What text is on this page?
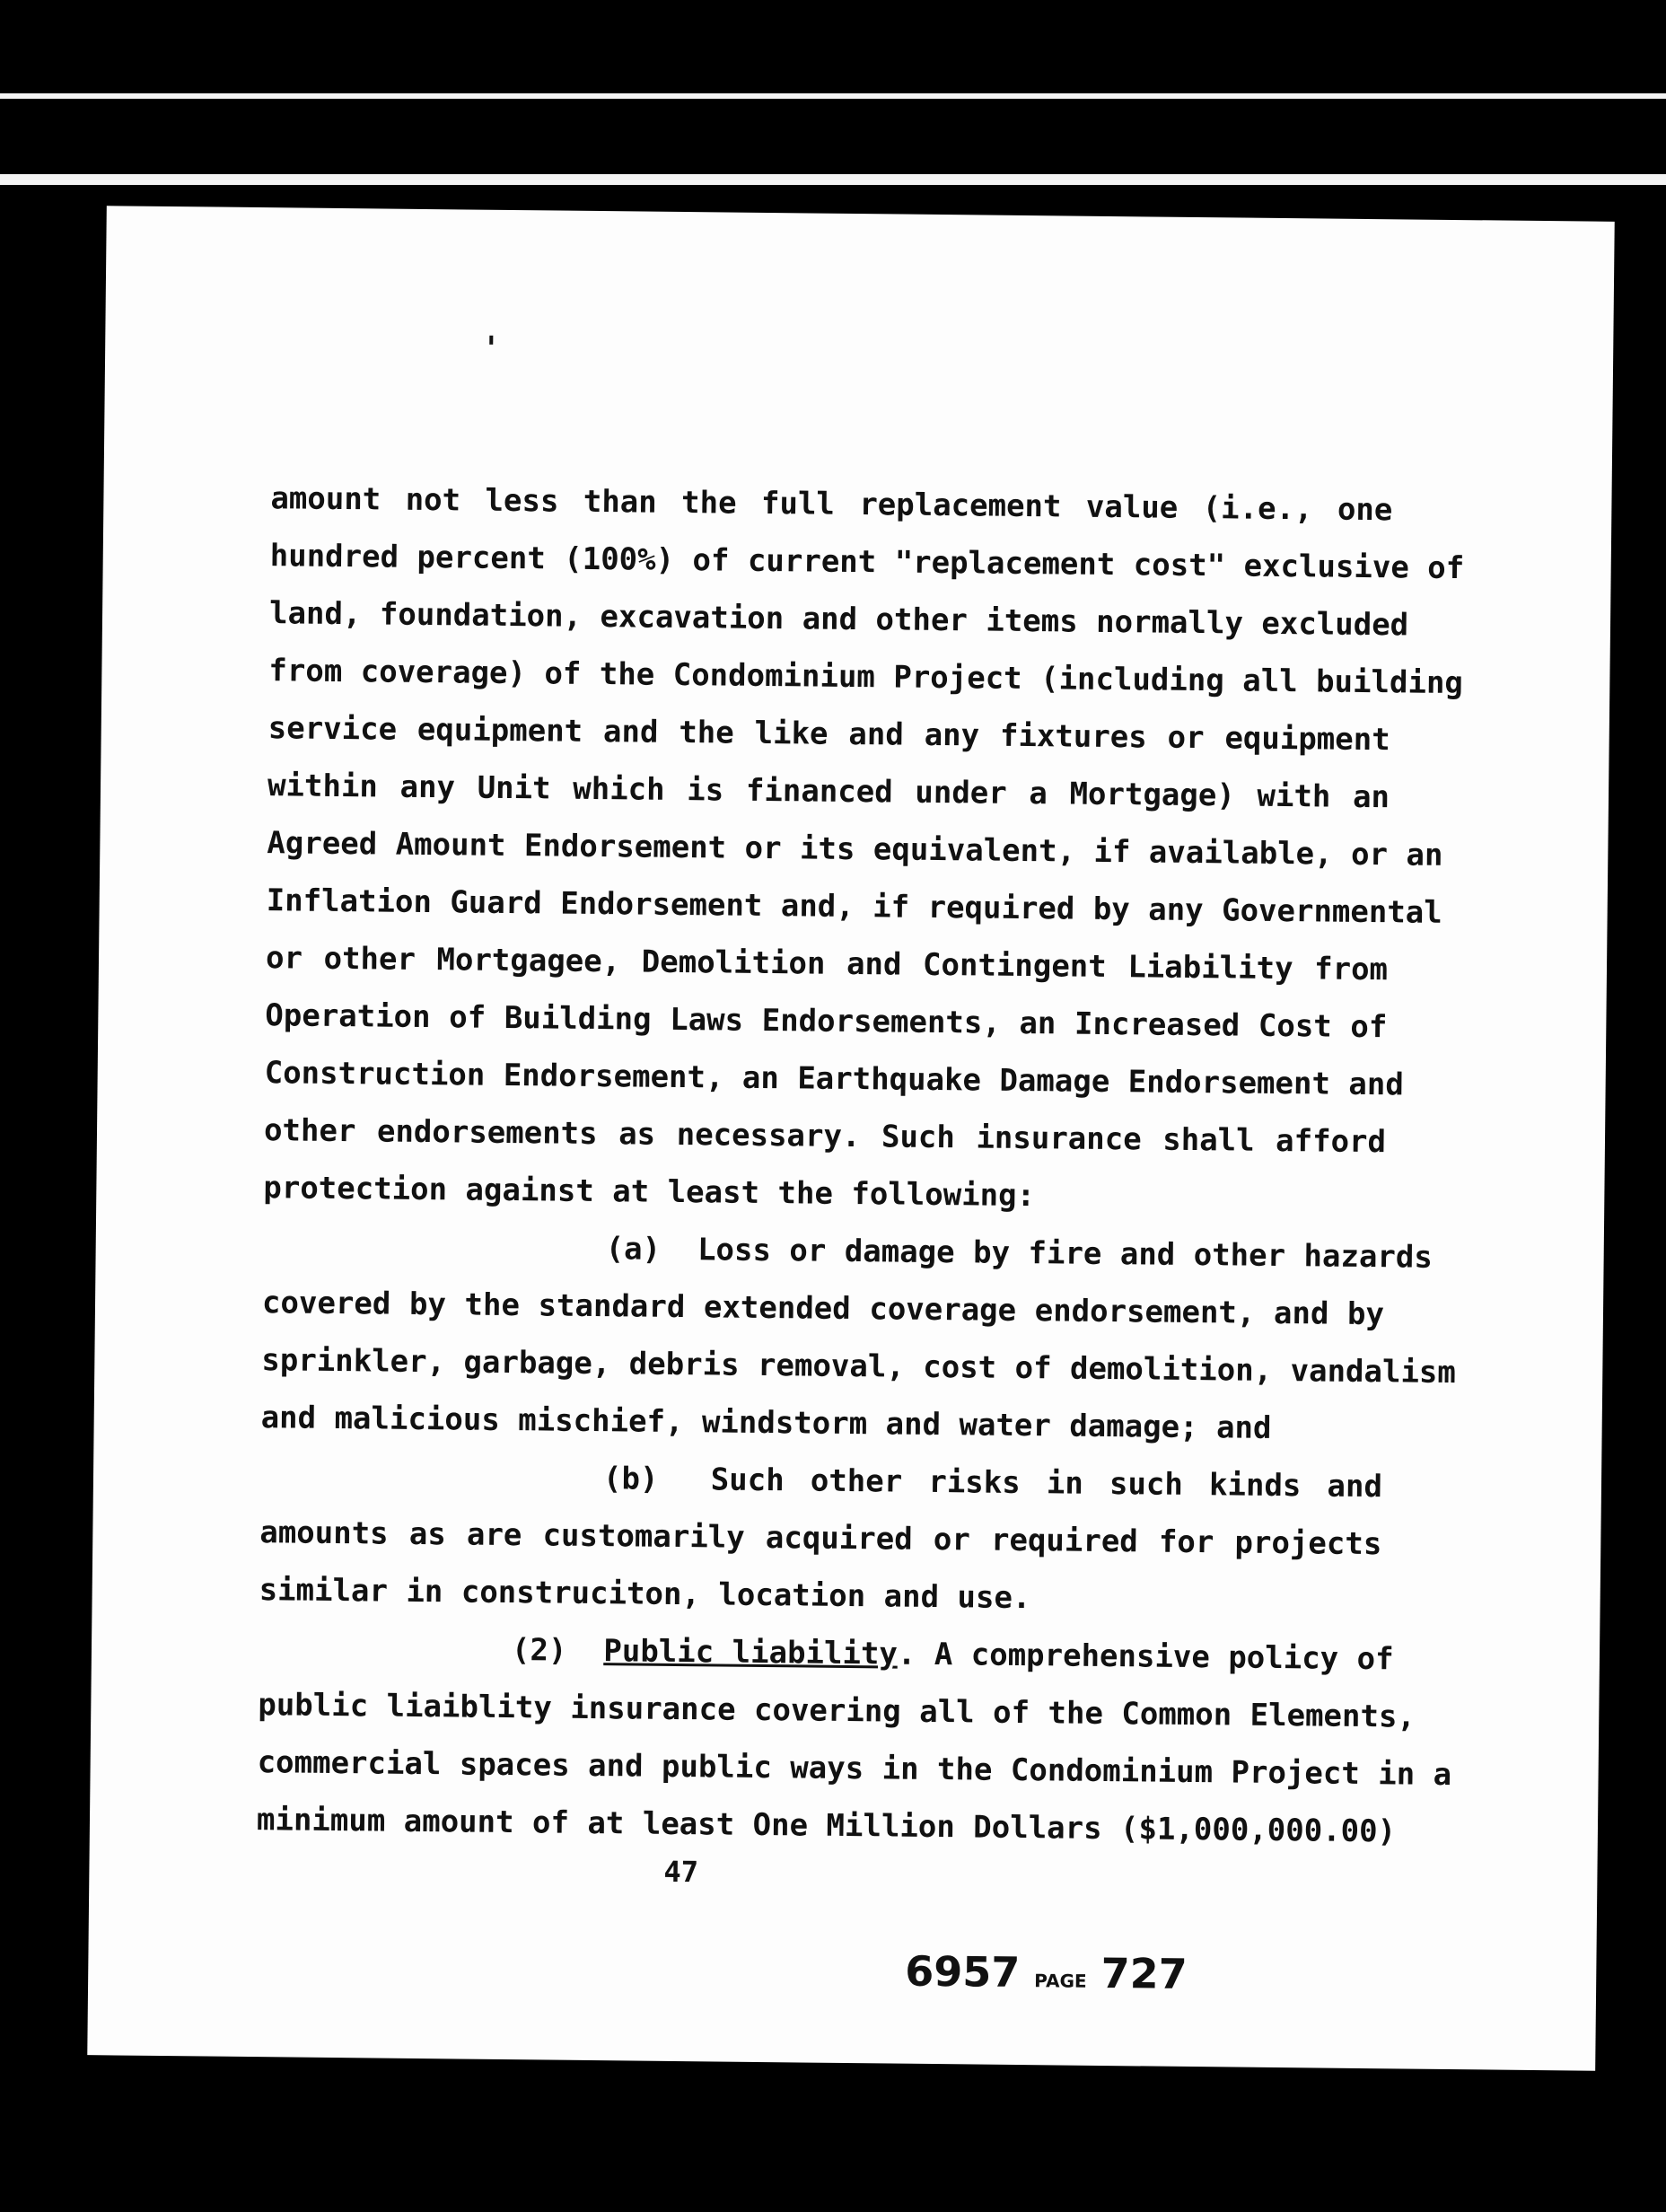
amount not less than the full replacement value (i.e., one
hundred percent (100%) of current "replacement cost" exclusive of
land, foundation, excavation and other items normally excluded
from coverage) of the Condominium Project (including all building
service equipment and the like and any fixtures or equipment
within any Unit which is financed under a Mortgage) with an
Agreed Amount Endorsement or its equivalent, if available, or an
Inflation Guard Endorsement and, if required by any Governmental
or other Mortgagee, Demolition and Contingent Liability from
Operation of Building Laws Endorsements, an Increased Cost of
Construction Endorsement, an Earthquake Damage Endorsement and
other endorsements as necessary. Such insurance shall afford
protection against at least the following:
(a) Loss or damage by fire and other hazards
covered by the standard extended coverage endorsement, and by
sprinkler, garbage, debris removal, cost of demolition, vandalism
and malicious mischief, windstorm and water damage; and
(b) Such other risks in such kinds and
amounts as are customarily acquired or required for projects
similar in construciton, location and use.
(2) Public liability. A comprehensive policy of
public liaiblity insurance covering all of the Common Elements,
commercial spaces and public ways in the Condominium Project in a
minimum amount of at least One Million Dollars ($1,000,000.00)
47
6957 PAGE 727
